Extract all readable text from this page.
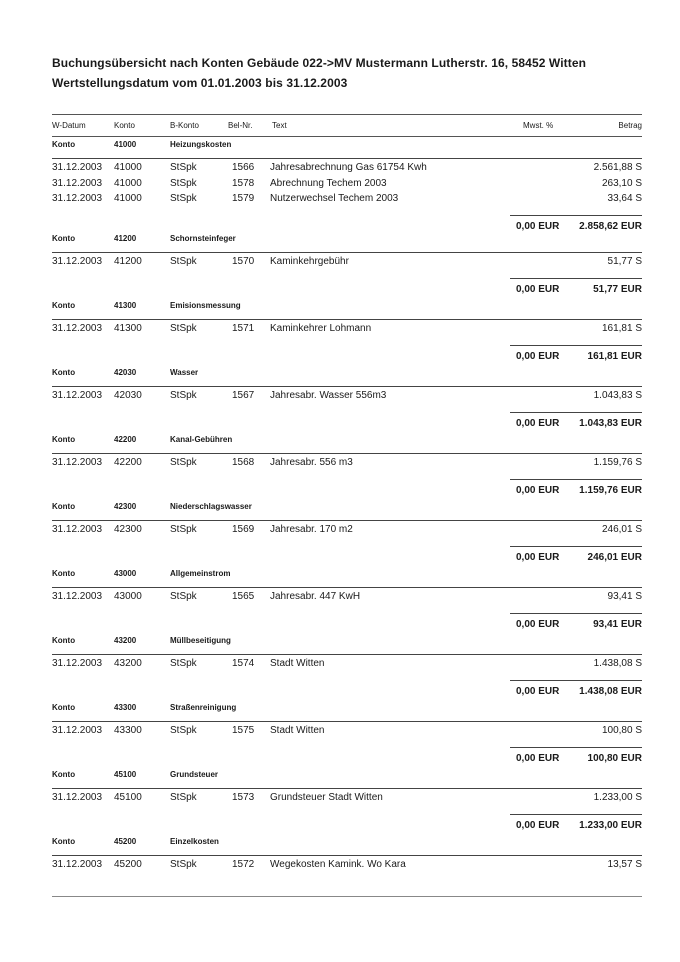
Buchungsübersicht nach Konten Gebäude 022->MV Mustermann Lutherstr. 16, 58452 Witten
Wertstellungsdatum vom 01.01.2003 bis 31.12.2003
W-Datum	Konto	B-Konto	Bel-Nr. Text	Mwst. %	Betrag
Konto	41000	Heizungskosten
31.12.2003 41000	StSpk	1566 Jahresabrechnung Gas 61754 Kwh	2.561,88 S
31.12.2003 41000	StSpk	1578 Abrechnung Techem 2003	263,10 S
31.12.2003 41000	StSpk	1579 Nutzerwechsel Techem 2003	33,64 S
0,00 EUR 2.858,62 EUR
Konto	41200	Schornsteinfeger
31.12.2003 41200	StSpk	1570 Kaminkehrgebühr	51,77 S
0,00 EUR	51,77 EUR
Konto	41300	Emisionsmessung
31.12.2003 41300	StSpk	1571 Kaminkehrer Lohmann	161,81 S
0,00 EUR	161,81 EUR
Konto	42030	Wasser
31.12.2003 42030	StSpk	1567 Jahresabr. Wasser 556m3	1.043,83 S
0,00 EUR 1.043,83 EUR
Konto	42200	Kanal-Gebühren
31.12.2003 42200	StSpk	1568 Jahresabr. 556 m3	1.159,76 S
0,00 EUR 1.159,76 EUR
Konto	42300	Niederschlagswasser
31.12.2003 42300	StSpk	1569 Jahresabr. 170 m2	246,01 S
0,00 EUR	246,01 EUR
Konto	43000	Allgemeinstrom
31.12.2003 43000	StSpk	1565 Jahresabr. 447 KwH	93,41 S
0,00 EUR	93,41 EUR
Konto	43200	Müllbeseitigung
31.12.2003 43200	StSpk	1574 Stadt Witten	1.438,08 S
0,00 EUR 1.438,08 EUR
Konto	43300	Straßenreinigung
31.12.2003 43300	StSpk	1575 Stadt Witten	100,80 S
0,00 EUR	100,80 EUR
Konto	45100	Grundsteuer
31.12.2003 45100	StSpk	1573 Grundsteuer Stadt Witten	1.233,00 S
0,00 EUR 1.233,00 EUR
Konto	45200	Einzelkosten
31.12.2003 45200	StSpk	1572 Wegekosten Kamink. Wo Kara	13,57 S
